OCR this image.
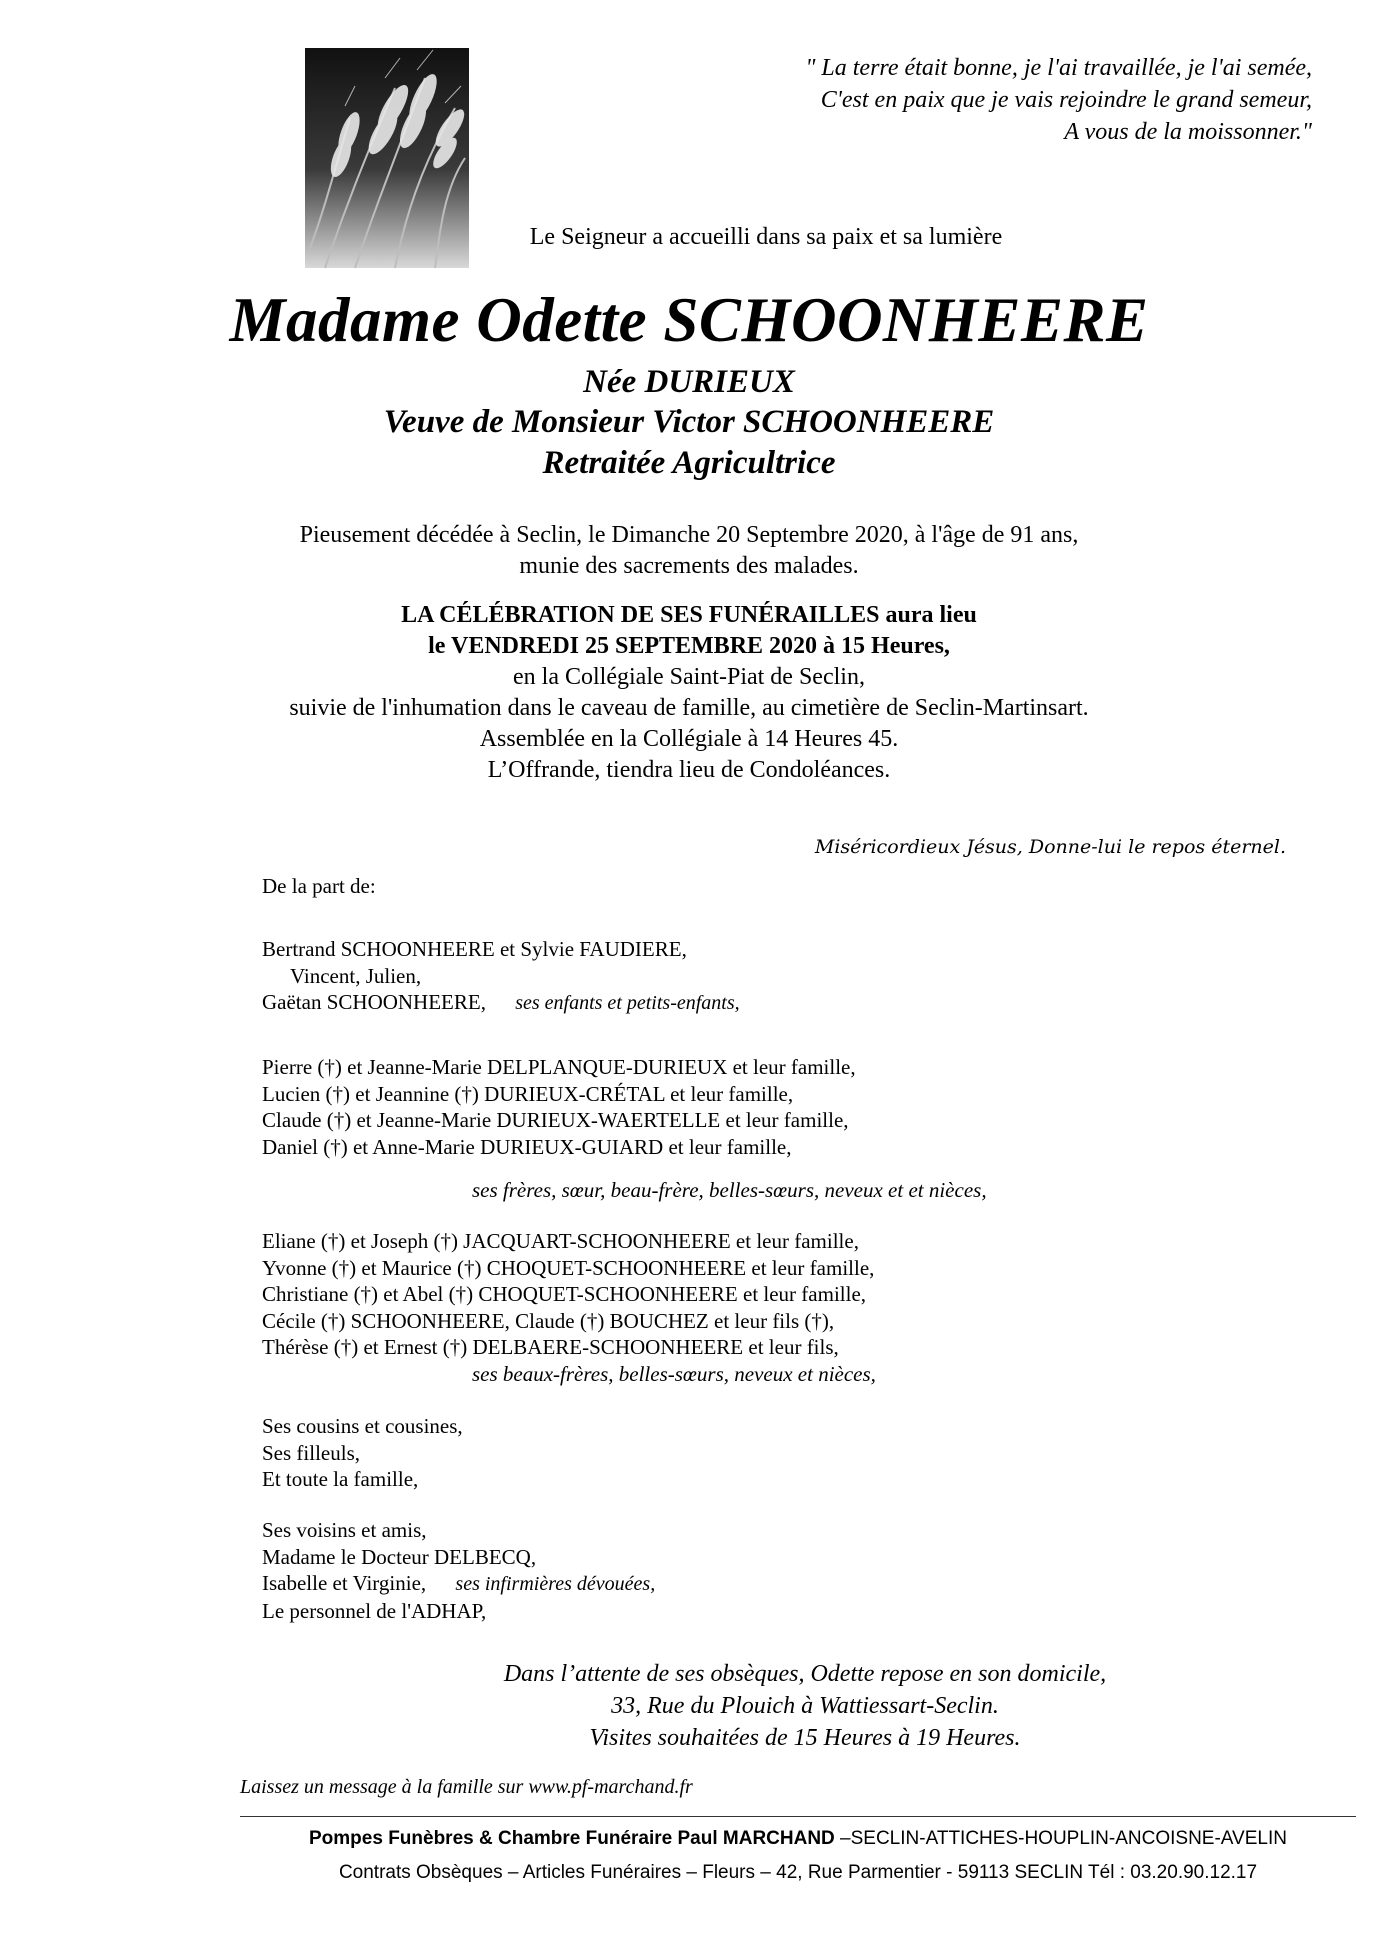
" La terre était bonne, je l'ai travaillée, je l'ai semée,
C'est en paix que je vais rejoindre le grand semeur,
A vous de la moissonner."
Le Seigneur a accueilli dans sa paix et sa lumière
Madame Odette SCHOONHEERE
Née DURIEUX
Veuve de Monsieur Victor SCHOONHEERE
Retraitée Agricultrice
Pieusement décédée à Seclin, le Dimanche 20 Septembre 2020, à l'âge de 91 ans,
munie des sacrements des malades.
LA CÉLÉBRATION DE SES FUNÉRAILLES aura lieu
le VENDREDI 25 SEPTEMBRE 2020 à 15 Heures,
en la Collégiale Saint-Piat de Seclin,
suivie de l'inhumation dans le caveau de famille, au cimetière de Seclin-Martinsart.
Assemblée en la Collégiale à 14 Heures 45.
L’Offrande, tiendra lieu de Condoléances.
Miséricordieux Jésus, Donne-lui le repos éternel.
De la part de:
Bertrand SCHOONHEERE et Sylvie FAUDIERE,
Vincent, Julien,
Gaëtan SCHOONHEERE, ses enfants et petits-enfants,
Pierre (†) et Jeanne-Marie DELPLANQUE-DURIEUX et leur famille,
Lucien (†) et Jeannine (†) DURIEUX-CRÉTAL et leur famille,
Claude (†) et Jeanne-Marie DURIEUX-WAERTELLE et leur famille,
Daniel (†) et Anne-Marie DURIEUX-GUIARD et leur famille,
ses frères, sœur, beau-frère, belles-sœurs, neveux et et nièces,
Eliane (†) et Joseph (†) JACQUART-SCHOONHEERE et leur famille,
Yvonne (†) et Maurice (†) CHOQUET-SCHOONHEERE et leur famille,
Christiane (†) et Abel (†) CHOQUET-SCHOONHEERE et leur famille,
Cécile (†) SCHOONHEERE, Claude (†) BOUCHEZ et leur fils (†),
Thérèse (†) et Ernest (†) DELBAERE-SCHOONHEERE et leur fils,
ses beaux-frères, belles-sœurs, neveux et nièces,
Ses cousins et cousines,
Ses filleuls,
Et toute la famille,
Ses voisins et amis,
Madame le Docteur DELBECQ,
Isabelle et Virginie, ses infirmières dévouées,
Le personnel de l'ADHAP,
Dans l’attente de ses obsèques, Odette repose en son domicile,
33, Rue du Plouich à Wattiessart-Seclin.
Visites souhaitées de 15 Heures à 19 Heures.
Laissez un message à la famille sur www.pf-marchand.fr
Pompes Funèbres & Chambre Funéraire Paul MARCHAND –SECLIN-ATTICHES-HOUPLIN-ANCOISNE-AVELIN
Contrats Obsèques – Articles Funéraires – Fleurs – 42, Rue Parmentier - 59113 SECLIN Tél : 03.20.90.12.17
